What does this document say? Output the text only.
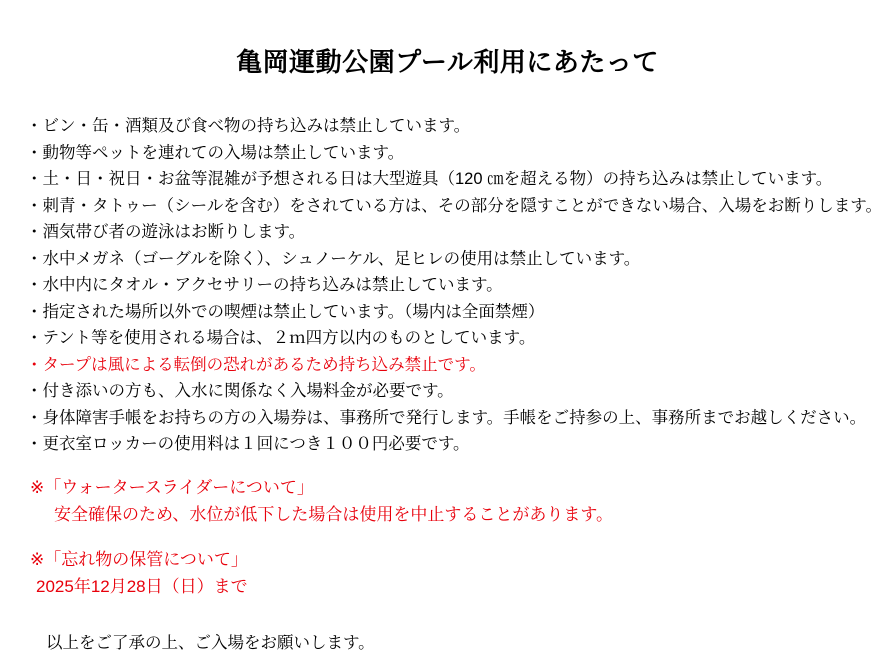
亀岡運動公園プール利用にあたって
・ビン・缶・酒類及び食べ物の持ち込みは禁止しています。
・動物等ペットを連れての入場は禁止しています。
・土・日・祝日・お盆等混雑が予想される日は大型遊具（120 ㎝を超える物）の持ち込みは禁止しています。
・刺青・タトゥー（シールを含む）をされている方は、その部分を隠すことができない場合、入場をお断りします。
・酒気帯び者の遊泳はお断りします。
・水中メガネ（ゴーグルを除く）、シュノーケル、足ヒレの使用は禁止しています。
・水中内にタオル・アクセサリーの持ち込みは禁止しています。
・指定された場所以外での喫煙は禁止しています。（場内は全面禁煙）
・テント等を使用される場合は、２ｍ四方以内のものとしています。
・タープは風による転倒の恐れがあるため持ち込み禁止です。
・付き添いの方も、入水に関係なく入場料金が必要です。
・身体障害手帳をお持ちの方の入場券は、事務所で発行します。手帳をご持参の上、事務所までお越しください。
・更衣室ロッカーの使用料は１回につき１００円必要です。
※「ウォータースライダーについて」
安全確保のため、水位が低下した場合は使用を中止することがあります。
※「忘れ物の保管について」
2025年12月28日（日）まで
以上をご了承の上、ご入場をお願いします。
